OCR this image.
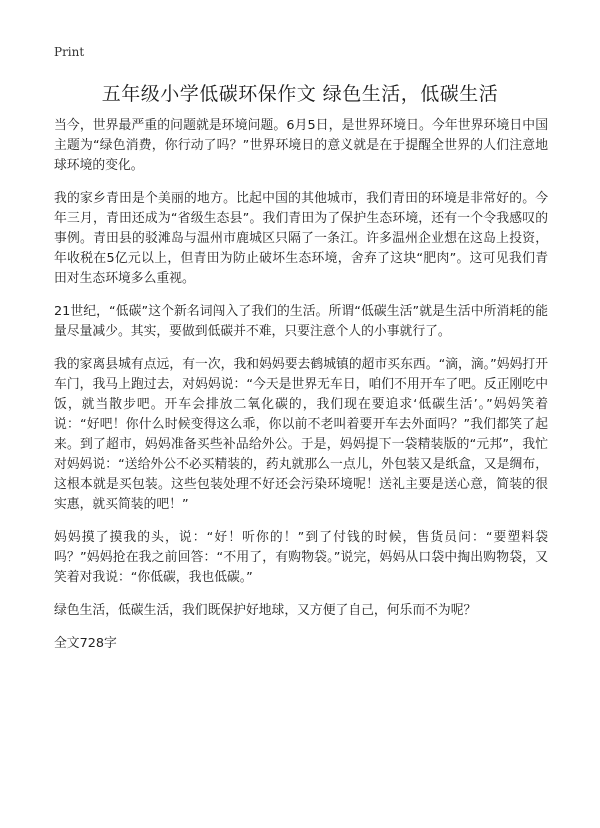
Print
五年级小学低碳环保作文 绿色生活，低碳生活

当今，世界最严重的问题就是环境问题。6月5日，是世界环境日。今年世界环境日中国主题为“绿色消费，你行动了吗？”世界环境日的意义就是在于提醒全世界的人们注意地球环境的变化。

我的家乡青田是个美丽的地方。比起中国的其他城市，我们青田的环境是非常好的。今年三月，青田还成为“省级生态县”。我们青田为了保护生态环境，还有一个令我感叹的事例。青田县的驳滩岛与温州市鹿城区只隔了一条江。许多温州企业想在这岛上投资，年收税在5亿元以上，但青田为防止破坏生态环境，舍弃了这块“肥肉”。这可见我们青田对生态环境多么重视。

21世纪，“低碳”这个新名词闯入了我们的生活。所谓“低碳生活”就是生活中所消耗的能量尽量减少。其实，要做到低碳并不难，只要注意个人的小事就行了。

我的家离县城有点远，有一次，我和妈妈要去鹤城镇的超市买东西。“滴，滴。”妈妈打开车门，我马上跑过去，对妈妈说：“今天是世界无车日，咱们不用开车了吧。反正刚吃中饭，就当散步吧。开车会排放二氧化碳的，我们现在要追求‘低碳生活’。”妈妈笑着说：“好吧！你什么时候变得这么乖，你以前不老叫着要开车去外面吗？”我们都笑了起来。到了超市，妈妈准备买些补品给外公。于是，妈妈提下一袋精装版的“元邦”，我忙对妈妈说：“送给外公不必买精装的，药丸就那么一点儿，外包装又是纸盒，又是绸布，这根本就是买包装。这些包装处理不好还会污染环境呢！送礼主要是送心意，简装的很实惠，就买简装的吧！”

妈妈摸了摸我的头，说：“好！听你的！”到了付钱的时候，售货员问：“要塑料袋吗？”妈妈抢在我之前回答：“不用了，有购物袋。”说完，妈妈从口袋中掏出购物袋，又笑着对我说：“你低碳，我也低碳。”

绿色生活，低碳生活，我们既保护好地球，又方便了自己，何乐而不为呢？

全文728字
